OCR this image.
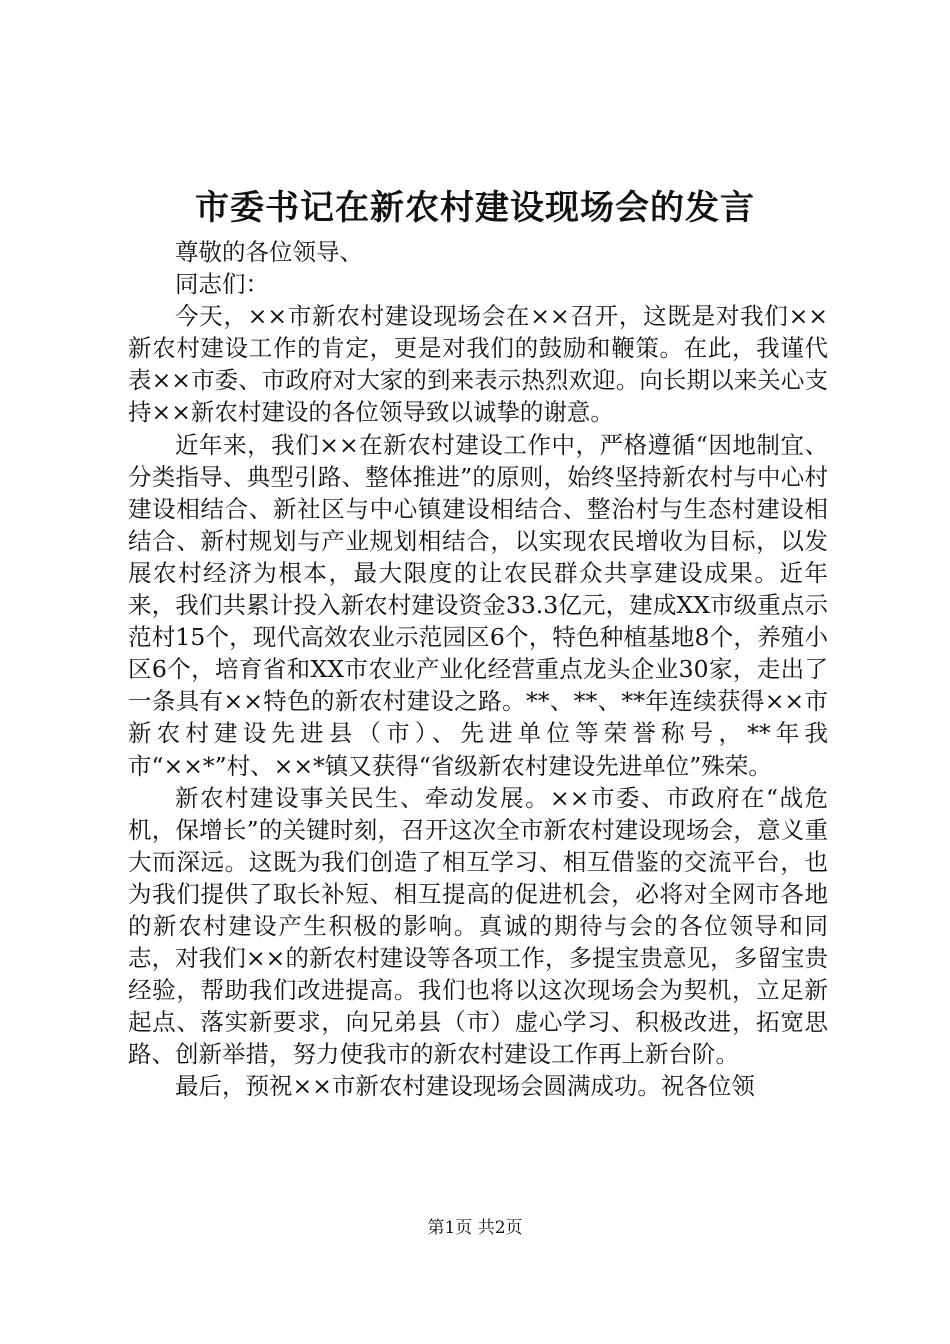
市委书记在新农村建设现场会的发言

尊敬的各位领导、

同志们：

今天，××市新农村建设现场会在××召开，这既是对我们××新农村建设工作的肯定，更是对我们的鼓励和鞭策。在此，我谨代表××市委、市政府对大家的到来表示热烈欢迎。向长期以来关心支持××新农村建设的各位领导致以诚挚的谢意。

近年来，我们××在新农村建设工作中，严格遵循“因地制宜、分类指导、典型引路、整体推进”的原则，始终坚持新农村与中心村建设相结合、新社区与中心镇建设相结合、整治村与生态村建设相结合、新村规划与产业规划相结合，以实现农民增收为目标，以发展农村经济为根本，最大限度的让农民群众共享建设成果。近年来，我们共累计投入新农村建设资金33.3亿元，建成XX市级重点示范村15个，现代高效农业示范园区6个，特色种植基地8个，养殖小区6个，培育省和XX市农业产业化经营重点龙头企业30家，走出了一条具有××特色的新农村建设之路。**、**、**年连续获得××市新农村建设先进县（市）、先进单位等荣誉称号，**年我市“××*”村、××*镇又获得“省级新农村建设先进单位”殊荣。

新农村建设事关民生、牵动发展。××市委、市政府在“战危机，保增长”的关键时刻，召开这次全市新农村建设现场会，意义重大而深远。这既为我们创造了相互学习、相互借鉴的交流平台，也为我们提供了取长补短、相互提高的促进机会，必将对全网市各地的新农村建设产生积极的影响。真诚的期待与会的各位领导和同志，对我们××的新农村建设等各项工作，多提宝贵意见，多留宝贵经验，帮助我们改进提高。我们也将以这次现场会为契机，立足新起点、落实新要求，向兄弟县（市）虚心学习、积极改进，拓宽思路、创新举措，努力使我市的新农村建设工作再上新台阶。

最后，预祝××市新农村建设现场会圆满成功。祝各位领

第1页 共2页
